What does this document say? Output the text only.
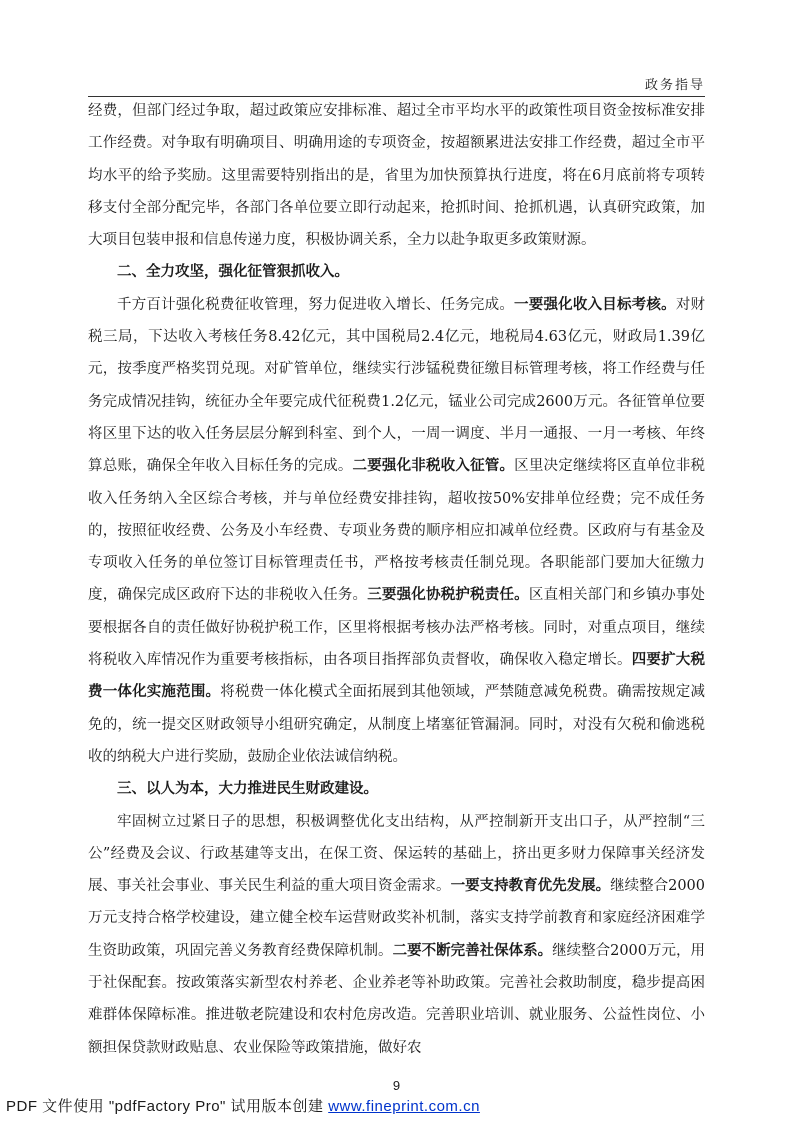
政务指导

经费，但部门经过争取，超过政策应安排标准、超过全市平均水平的政策性项目资金按标准安排工作经费。对争取有明确项目、明确用途的专项资金，按超额累进法安排工作经费，超过全市平均水平的给予奖励。这里需要特别指出的是，省里为加快预算执行进度，将在6月底前将专项转移支付全部分配完毕，各部门各单位要立即行动起来，抢抓时间、抢抓机遇，认真研究政策，加大项目包装申报和信息传递力度，积极协调关系，全力以赴争取更多政策财源。

二、全力攻坚，强化征管狠抓收入。

千方百计强化税费征收管理，努力促进收入增长、任务完成。一要强化收入目标考核。对财税三局，下达收入考核任务8.42亿元，其中国税局2.4亿元，地税局4.63亿元，财政局1.39亿元，按季度严格奖罚兑现。对矿管单位，继续实行涉锰税费征缴目标管理考核，将工作经费与任务完成情况挂钩，统征办全年要完成代征税费1.2亿元，锰业公司完成2600万元。各征管单位要将区里下达的收入任务层层分解到科室、到个人，一周一调度、半月一通报、一月一考核、年终算总账，确保全年收入目标任务的完成。二要强化非税收入征管。区里决定继续将区直单位非税收入任务纳入全区综合考核，并与单位经费安排挂钩，超收按50%安排单位经费；完不成任务的，按照征收经费、公务及小车经费、专项业务费的顺序相应扣减单位经费。区政府与有基金及专项收入任务的单位签订目标管理责任书，严格按考核责任制兑现。各职能部门要加大征缴力度，确保完成区政府下达的非税收入任务。三要强化协税护税责任。区直相关部门和乡镇办事处要根据各自的责任做好协税护税工作，区里将根据考核办法严格考核。同时，对重点项目，继续将税收入库情况作为重要考核指标，由各项目指挥部负责督收，确保收入稳定增长。四要扩大税费一体化实施范围。将税费一体化模式全面拓展到其他领域，严禁随意减免税费。确需按规定减免的，统一提交区财政领导小组研究确定，从制度上堵塞征管漏洞。同时，对没有欠税和偷逃税收的纳税大户进行奖励，鼓励企业依法诚信纳税。

三、以人为本，大力推进民生财政建设。

牢固树立过紧日子的思想，积极调整优化支出结构，从严控制新开支出口子，从严控制“三公”经费及会议、行政基建等支出，在保工资、保运转的基础上，挤出更多财力保障事关经济发展、事关社会事业、事关民生利益的重大项目资金需求。一要支持教育优先发展。继续整合2000万元支持合格学校建设，建立健全校车运营财政奖补机制，落实支持学前教育和家庭经济困难学生资助政策，巩固完善义务教育经费保障机制。二要不断完善社保体系。继续整合2000万元，用于社保配套。按政策落实新型农村养老、企业养老等补助政策。完善社会救助制度，稳步提高困难群体保障标准。推进敬老院建设和农村危房改造。完善职业培训、就业服务、公益性岗位、小额担保贷款财政贴息、农业保险等政策措施，做好农

9
PDF 文件使用 "pdfFactory Pro" 试用版本创建 www.fineprint.com.cn
